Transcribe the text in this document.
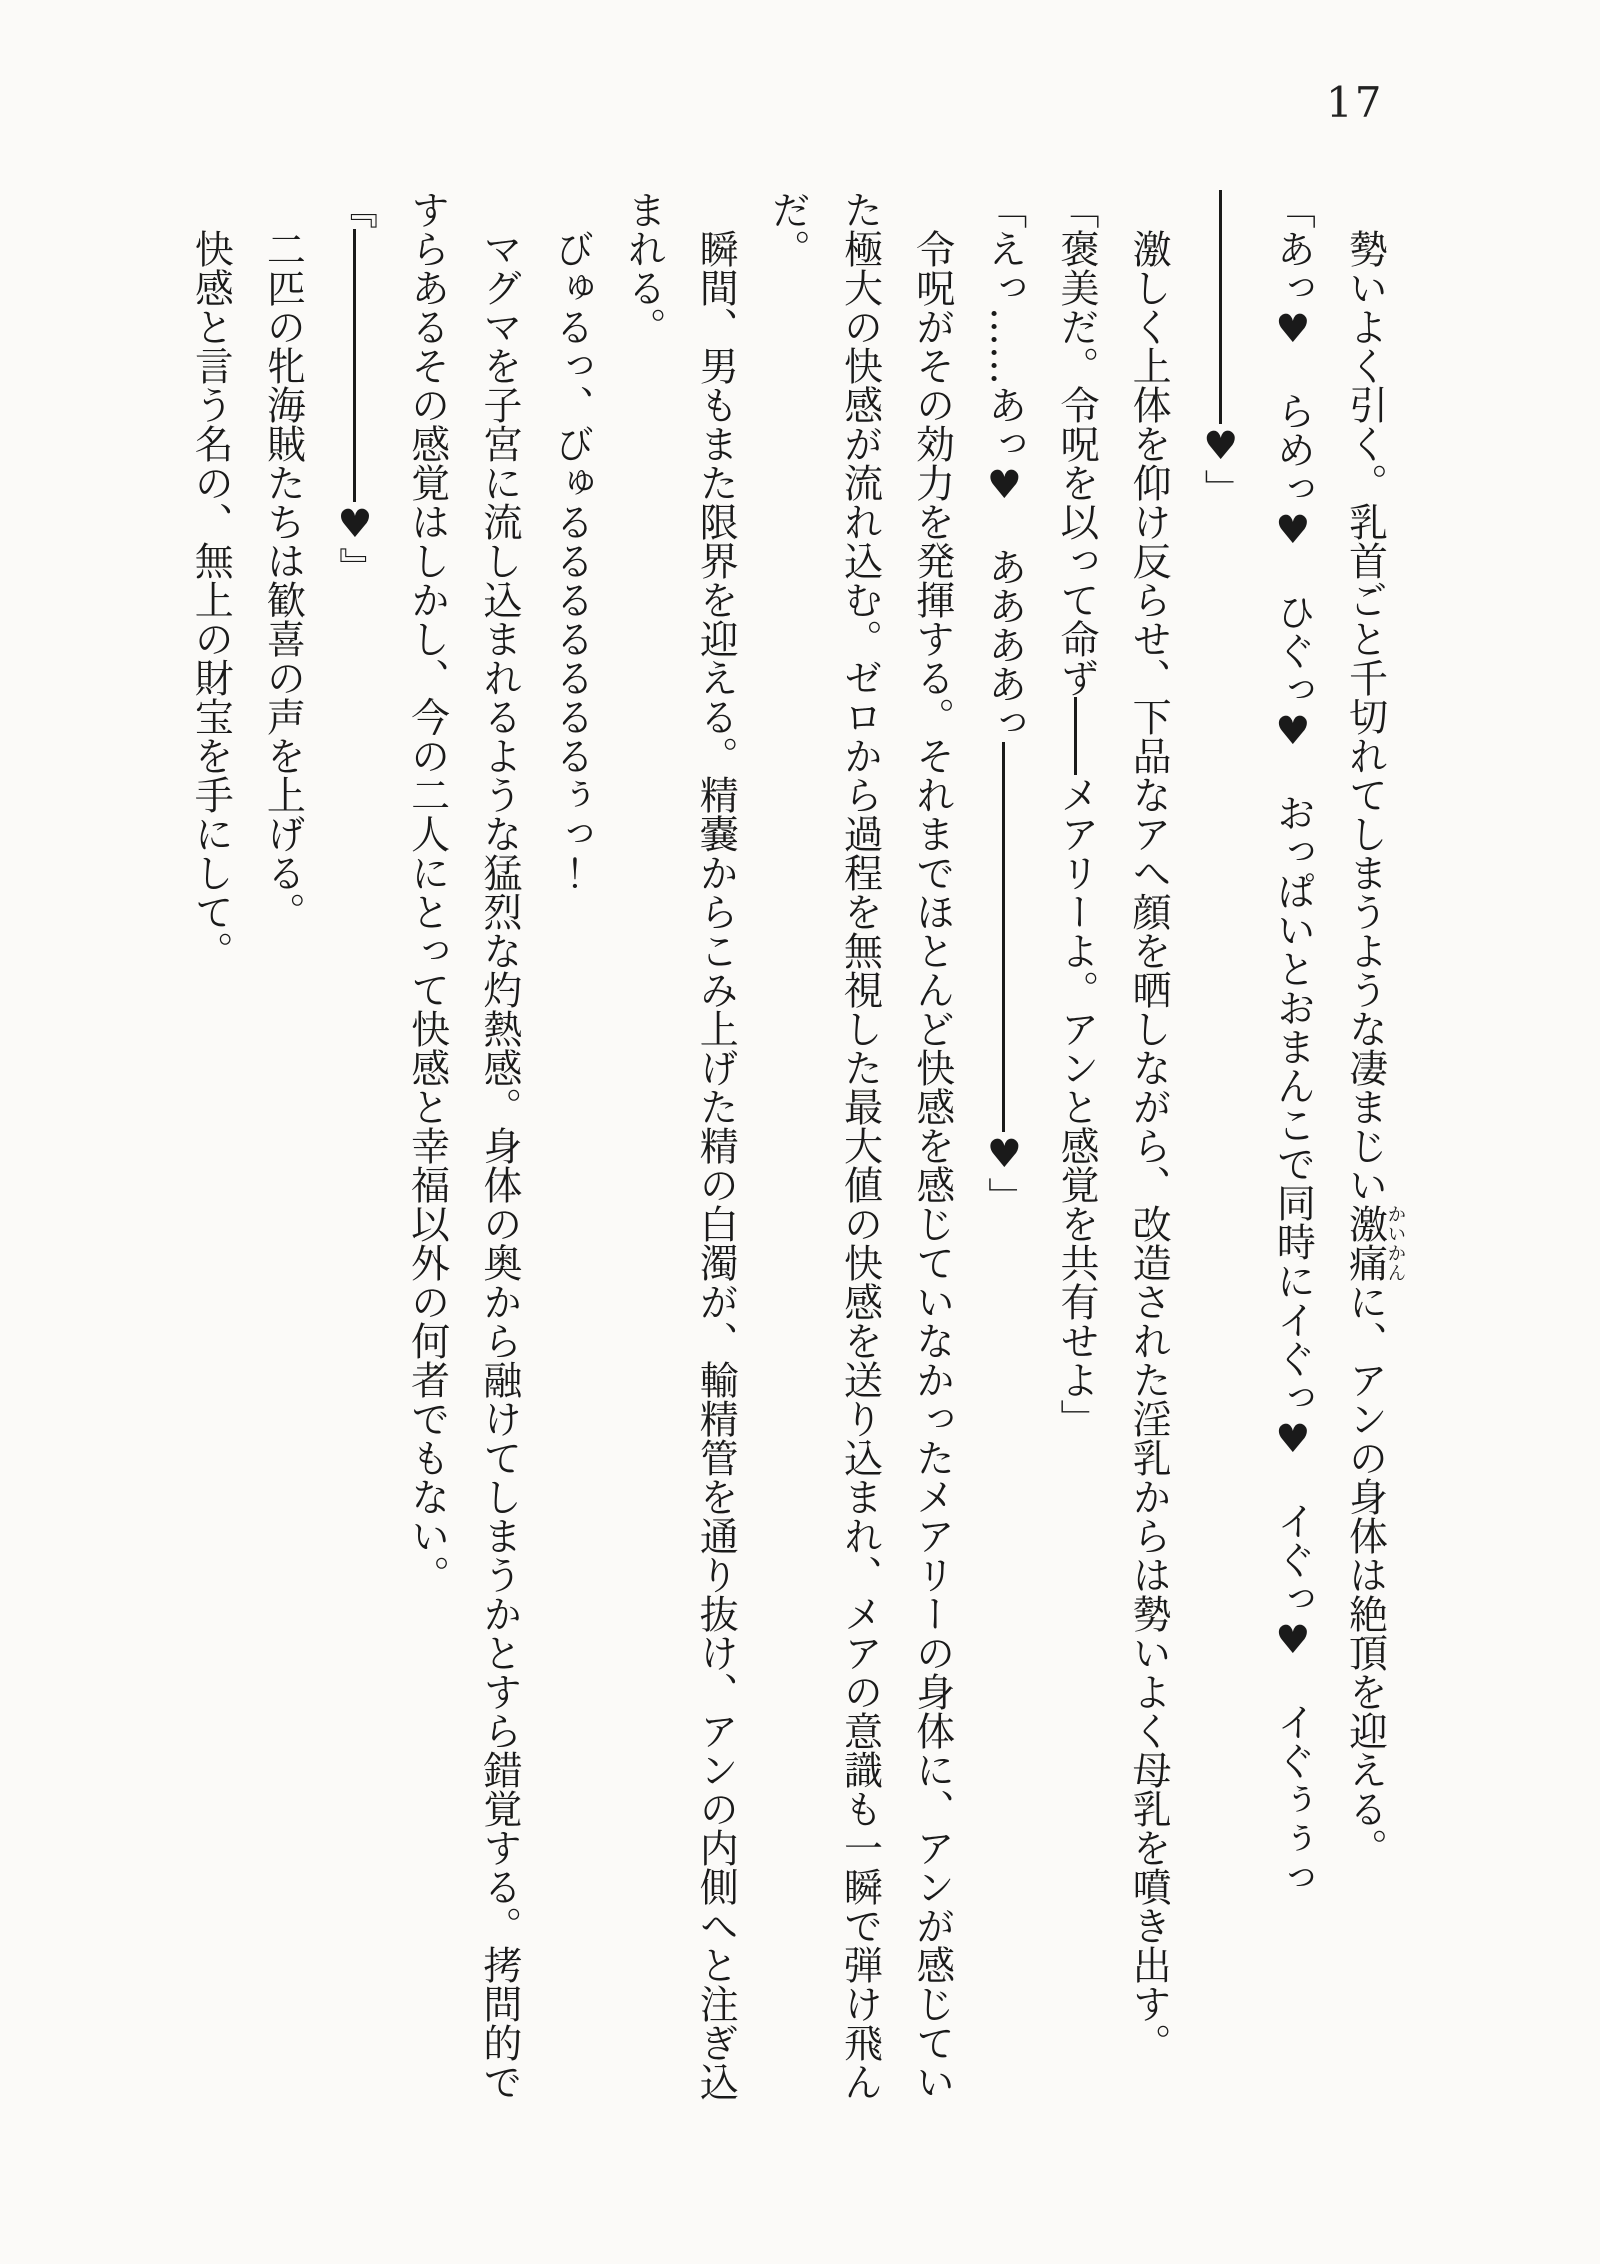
17

勢いよく引く。乳首ごと千切れてしまうような凄まじい激痛かいかんに、アンの身体は絶頂を迎える。

「あっ♥　らめっ♥　ひぐっ♥　おっぱいとおまんこで同時にイぐっ♥　イぐっ♥　イぐぅぅっ♥」

激しく上体を仰け反らせ、下品なアへ顔を晒しながら、改造された淫乳からは勢いよく母乳を噴き出す。

「褒美だ。令呪を以って命ずメアリーよ。アンと感覚を共有せよ」

「えっ……あっ♥　ああああっ♥」

令呪がその効力を発揮する。それまでほとんど快感を感じていなかったメアリーの身体に、アンが感じていた極大の快感が流れ込む。ゼロから過程を無視した最大値の快感を送り込まれ、メアの意識も一瞬で弾け飛んだ。

瞬間、男もまた限界を迎える。精嚢からこみ上げた精の白濁が、輸精管を通り抜け、アンの内側へと注ぎ込まれる。

びゅるっ、びゅるるるるるるるぅっ！

マグマを子宮に流し込まれるような猛烈な灼熱感。身体の奥から融けてしまうかとすら錯覚する。拷問的ですらあるその感覚はしかし、今の二人にとって快感と幸福以外の何者でもない。

『♥』

二匹の牝海賊たちは歓喜の声を上げる。

快感と言う名の、無上の財宝を手にして。
